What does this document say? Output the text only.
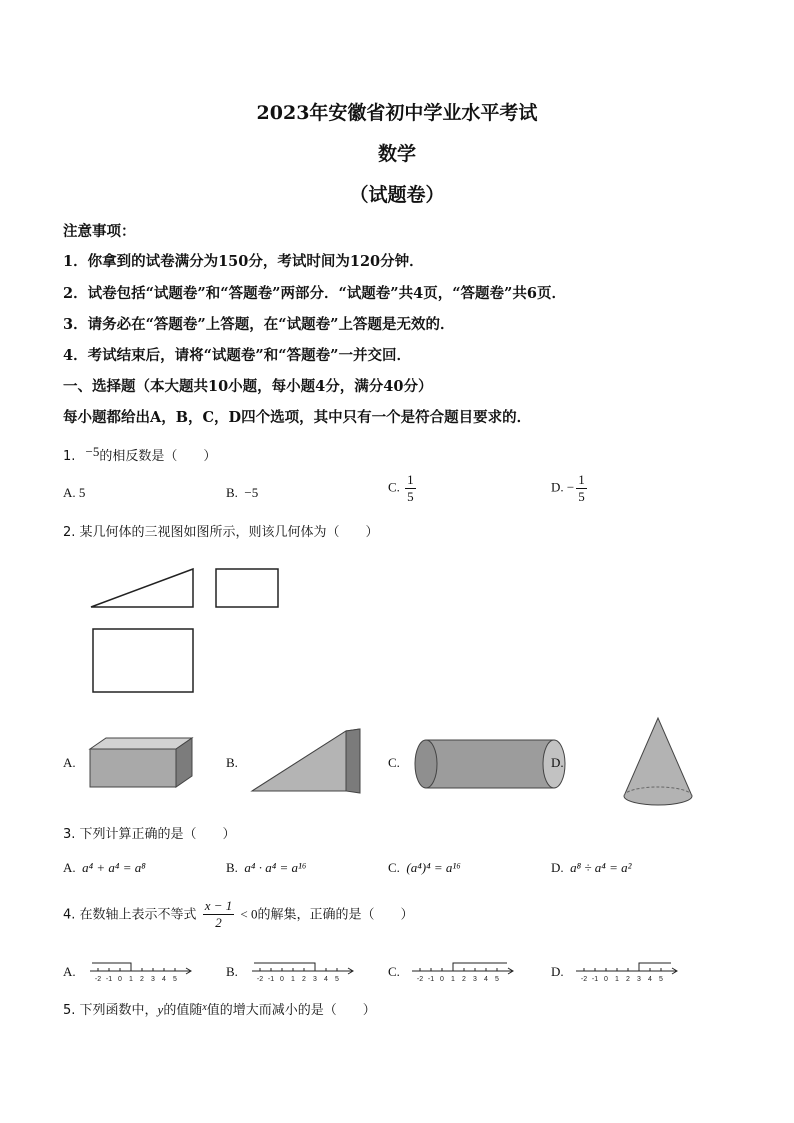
2023年安徽省初中学业水平考试
数学
（试题卷）
注意事项：
1．你拿到的试卷满分为150分，考试时间为120分钟．
2．试卷包括“试题卷”和“答题卷”两部分．“试题卷”共4页，“答题卷”共6页．
3．请务必在“答题卷”上答题，在“试题卷”上答题是无效的．
4．考试结束后，请将“试题卷”和“答题卷”一并交回．
一、选择题（本大题共10小题，每小题4分，满分40分）
每小题都给出A，B，C，D四个选项，其中只有一个是符合题目要求的．
1. −5的相反数是（　　）
A. 5	B. −5	C. $\frac{1}{5}$	D. − $\frac{1}{5}$
2. 某几何体的三视图如图所示，则该几何体为（　　）
A.	B.	C.	D.
3. 下列计算正确的是（　　）
A. a⁴ + a⁴ = a⁸	B. a⁴ · a⁴ = a¹⁶	C. (a⁴)⁴ = a¹⁶	D. a⁸ ÷ a⁴ = a²
4. 在数轴上表示不等式 $\frac{x - 1}{2} < 0$的解集，正确的是（　　）
A.
-2 -1 0 1 2 3 4 5
B.
-2 -1 0 1 2 3 4 5
C.
-2 -1 0 1 2 3 4 5
D.
-2 -1 0 1 2 3 4 5
5. 下列函数中，y的值随$^x$值的增大而减小的是（　　）
